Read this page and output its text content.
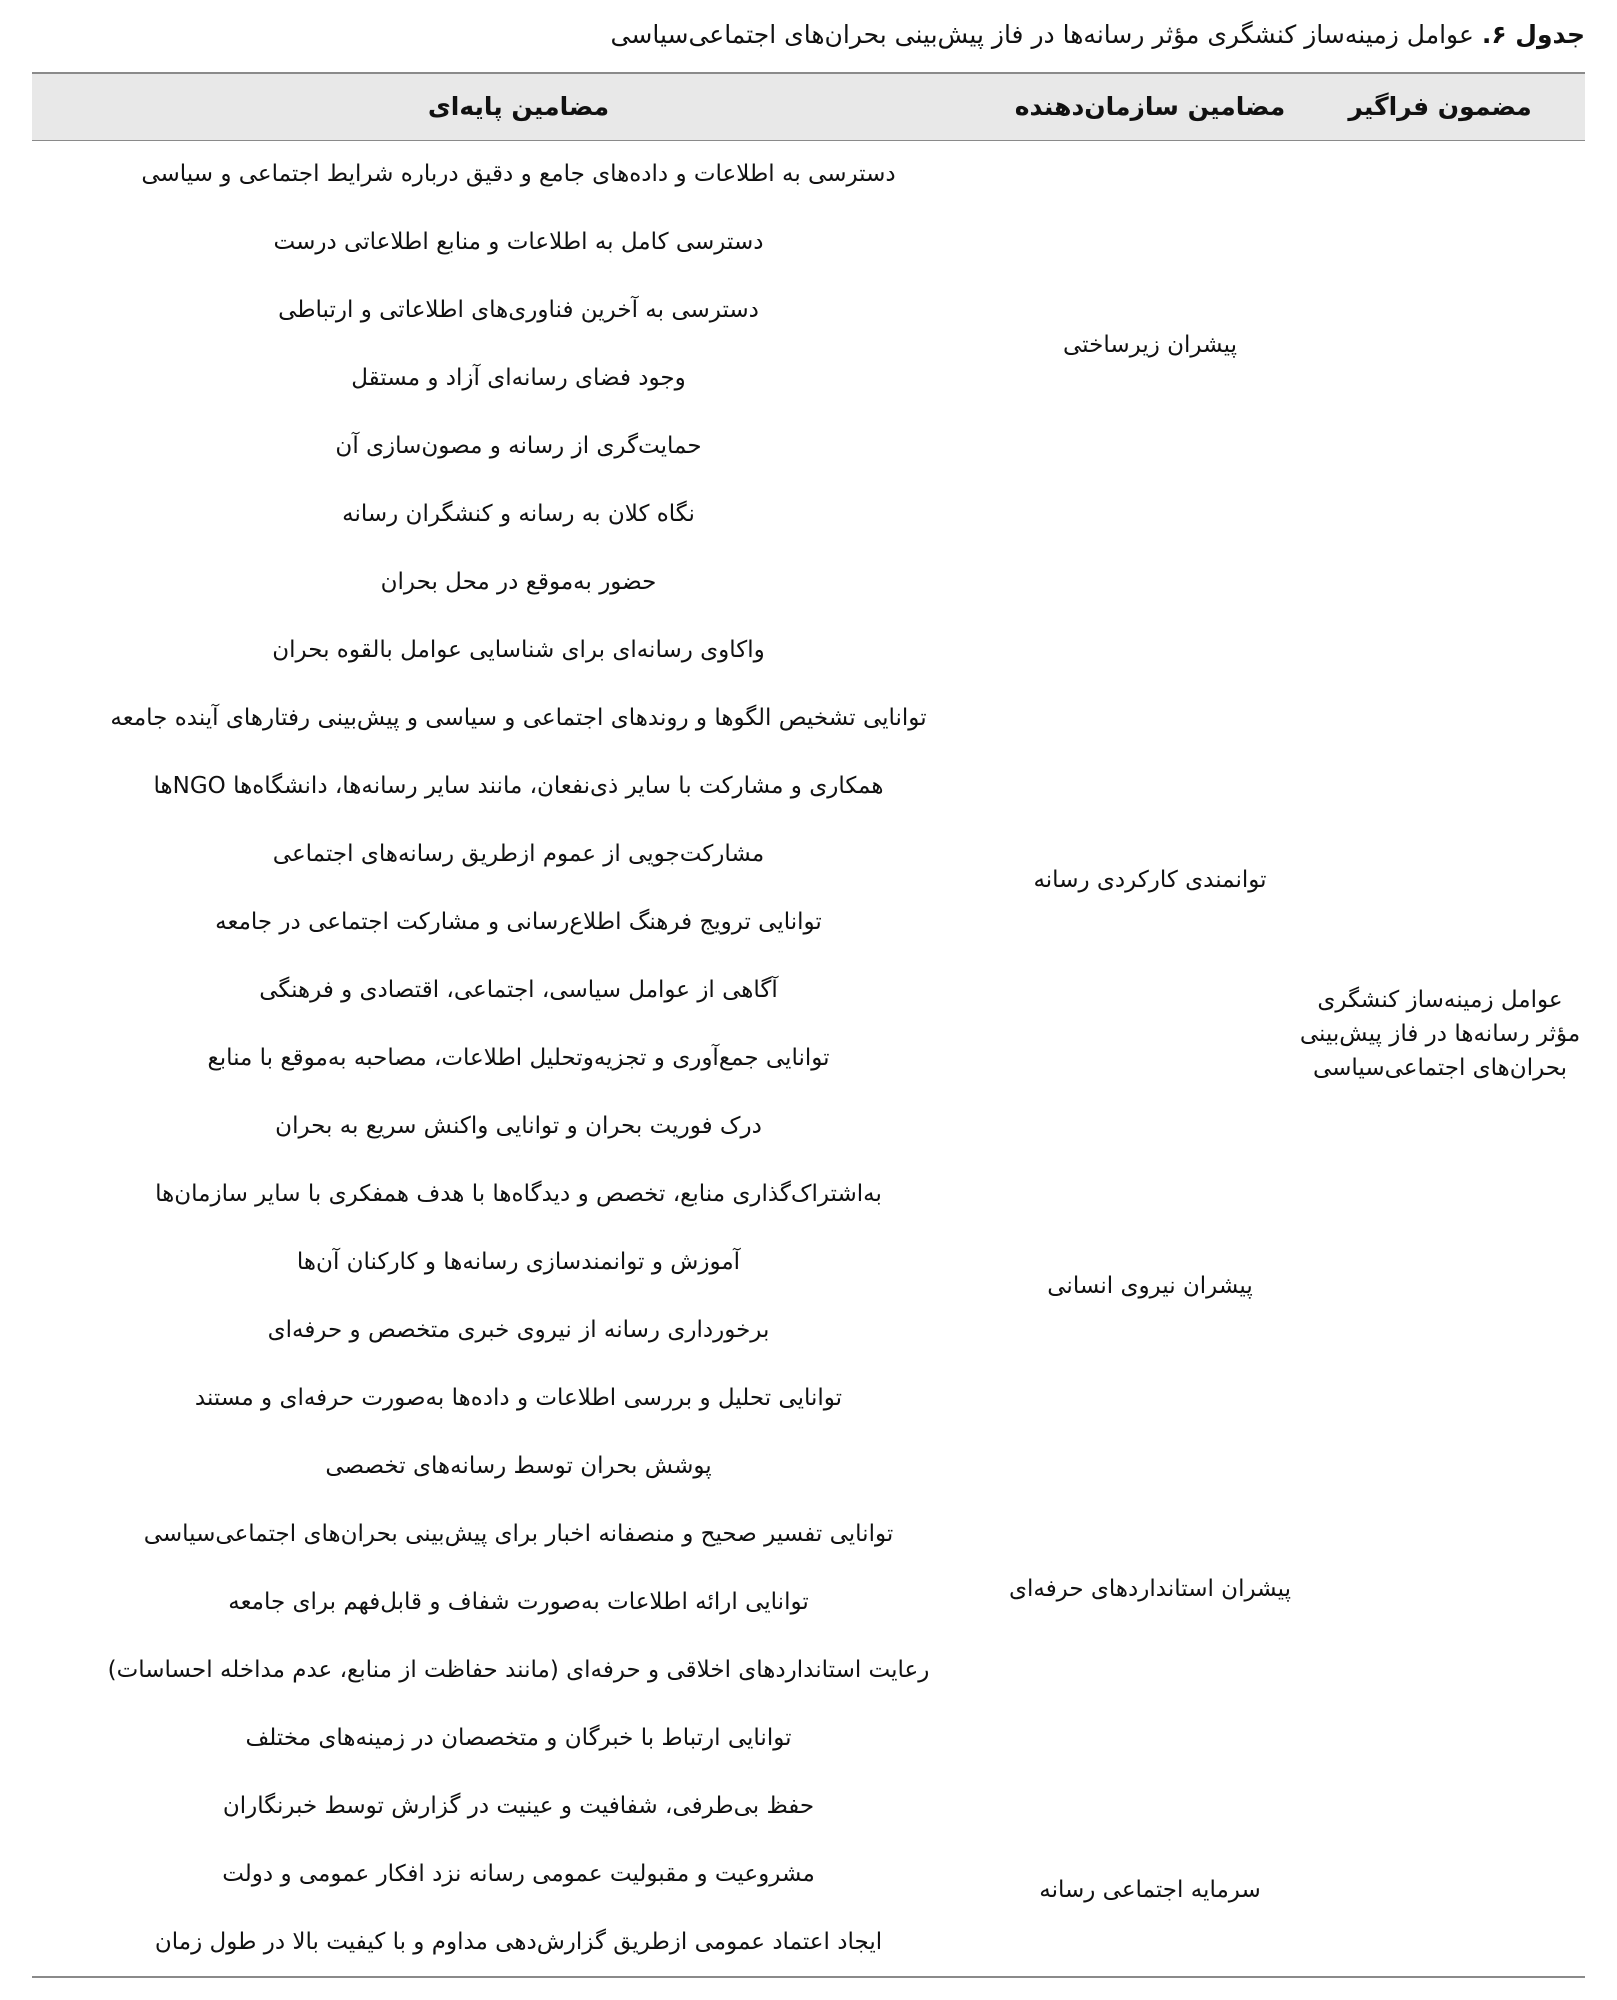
جدول ۶. عوامل زمینه‌ساز کنشگری مؤثر رسانه‌ها در فاز پیش‌بینی بحران‌های اجتماعی‌سیاسی
مضمون فراگیر
مضامین سازمان‌دهنده
مضامین پایه‌ای
عوامل زمینه‌ساز کنشگری مؤثر رسانه‌ها در فاز پیش‌بینی بحران‌های اجتماعی‌سیاسی
پیشران زیرساختی
توانمندی کارکردی رسانه
پیشران نیروی انسانی
پیشران استانداردهای حرفه‌ای
سرمایه اجتماعی رسانه
دسترسی به اطلاعات و داده‌های جامع و دقیق درباره شرایط اجتماعی و سیاسی
دسترسی کامل به اطلاعات و منابع اطلاعاتی درست
دسترسی به آخرین فناوری‌های اطلاعاتی و ارتباطی
وجود فضای رسانه‌ای آزاد و مستقل
حمایت‌گری از رسانه و مصون‌سازی آن
نگاه کلان به رسانه و کنشگران رسانه
حضور به‌موقع در محل بحران
واکاوی رسانه‌ای برای شناسایی عوامل بالقوه بحران
توانایی تشخیص الگوها و روندهای اجتماعی و سیاسی و پیش‌بینی رفتارهای آینده جامعه
همکاری و مشارکت با سایر ذی‌نفعان، مانند سایر رسانه‌ها، دانشگاه‌ها NGOها
مشارکت‌جویی از عموم ازطریق رسانه‌های اجتماعی
توانایی ترویج فرهنگ اطلاع‌رسانی و مشارکت اجتماعی در جامعه
آگاهی از عوامل سیاسی، اجتماعی، اقتصادی و فرهنگی
توانایی جمع‌آوری و تجزیه‌وتحلیل اطلاعات، مصاحبه به‌موقع با منابع
درک فوریت بحران و توانایی واکنش سریع به بحران
به‌اشتراک‌گذاری منابع، تخصص و دیدگاه‌ها با هدف همفکری با سایر سازمان‌ها
آموزش و توانمندسازی رسانه‌ها و کارکنان آن‌ها
برخورداری رسانه از نیروی خبری متخصص و حرفه‌ای
توانایی تحلیل و بررسی اطلاعات و داده‌ها به‌صورت حرفه‌ای و مستند
پوشش بحران توسط رسانه‌های تخصصی
توانایی تفسیر صحیح و منصفانه اخبار برای پیش‌بینی بحران‌های اجتماعی‌سیاسی
توانایی ارائه اطلاعات به‌صورت شفاف و قابل‌فهم برای جامعه
رعایت استانداردهای اخلاقی و حرفه‌ای (مانند حفاظت از منابع، عدم مداخله احساسات)
توانایی ارتباط با خبرگان و متخصصان در زمینه‌های مختلف
حفظ بی‌طرفی، شفافیت و عینیت در گزارش توسط خبرنگاران
مشروعیت و مقبولیت عمومی رسانه نزد افکار عمومی و دولت
ایجاد اعتماد عمومی ازطریق گزارش‌دهی مداوم و با کیفیت بالا در طول زمان
